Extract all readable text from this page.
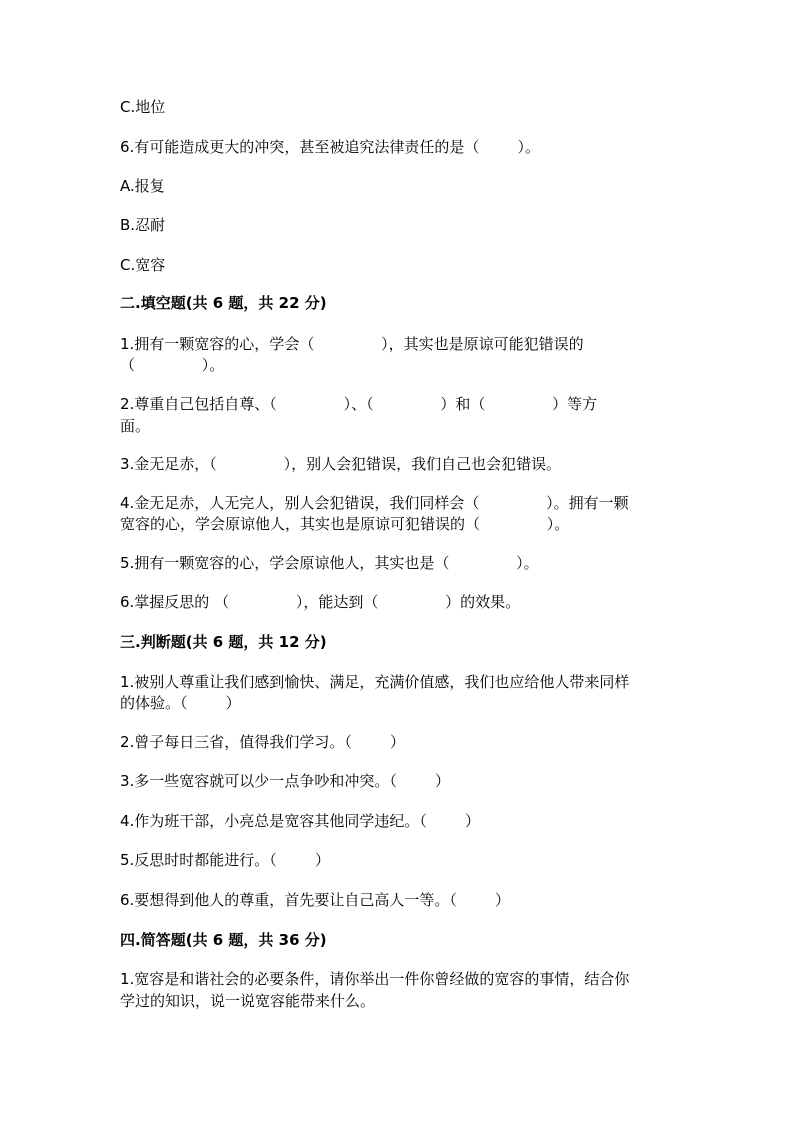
C.地位
6.有可能造成更大的冲突，甚至被追究法律责任的是（        ）。
A.报复
B.忍耐
C.宽容
二.填空题(共 6 题，共 22 分)
1.拥有一颗宽容的心，学会（              ），其实也是原谅可能犯错误的
（              ）。
2.尊重自己包括自尊、（              ）、（              ）和（              ）等方
面。
3.金无足赤，（              ），别人会犯错误，我们自己也会犯错误。
4.金无足赤，人无完人，别人会犯错误，我们同样会（              ）。拥有一颗
宽容的心，学会原谅他人，其实也是原谅可犯错误的（              ）。
5.拥有一颗宽容的心，学会原谅他人，其实也是（              ）。
6.掌握反思的 （              ），能达到（              ）的效果。
三.判断题(共 6 题，共 12 分)
1.被别人尊重让我们感到愉快、满足，充满价值感，我们也应给他人带来同样
的体验。（        ）
2.曾子每日三省，值得我们学习。（        ）
3.多一些宽容就可以少一点争吵和冲突。（        ）
4.作为班干部，小亮总是宽容其他同学违纪。（        ）
5.反思时时都能进行。（        ）
6.要想得到他人的尊重，首先要让自己高人一等。（        ）
四.简答题(共 6 题，共 36 分)
1.宽容是和谐社会的必要条件，请你举出一件你曾经做的宽容的事情，结合你
学过的知识，说一说宽容能带来什么。
